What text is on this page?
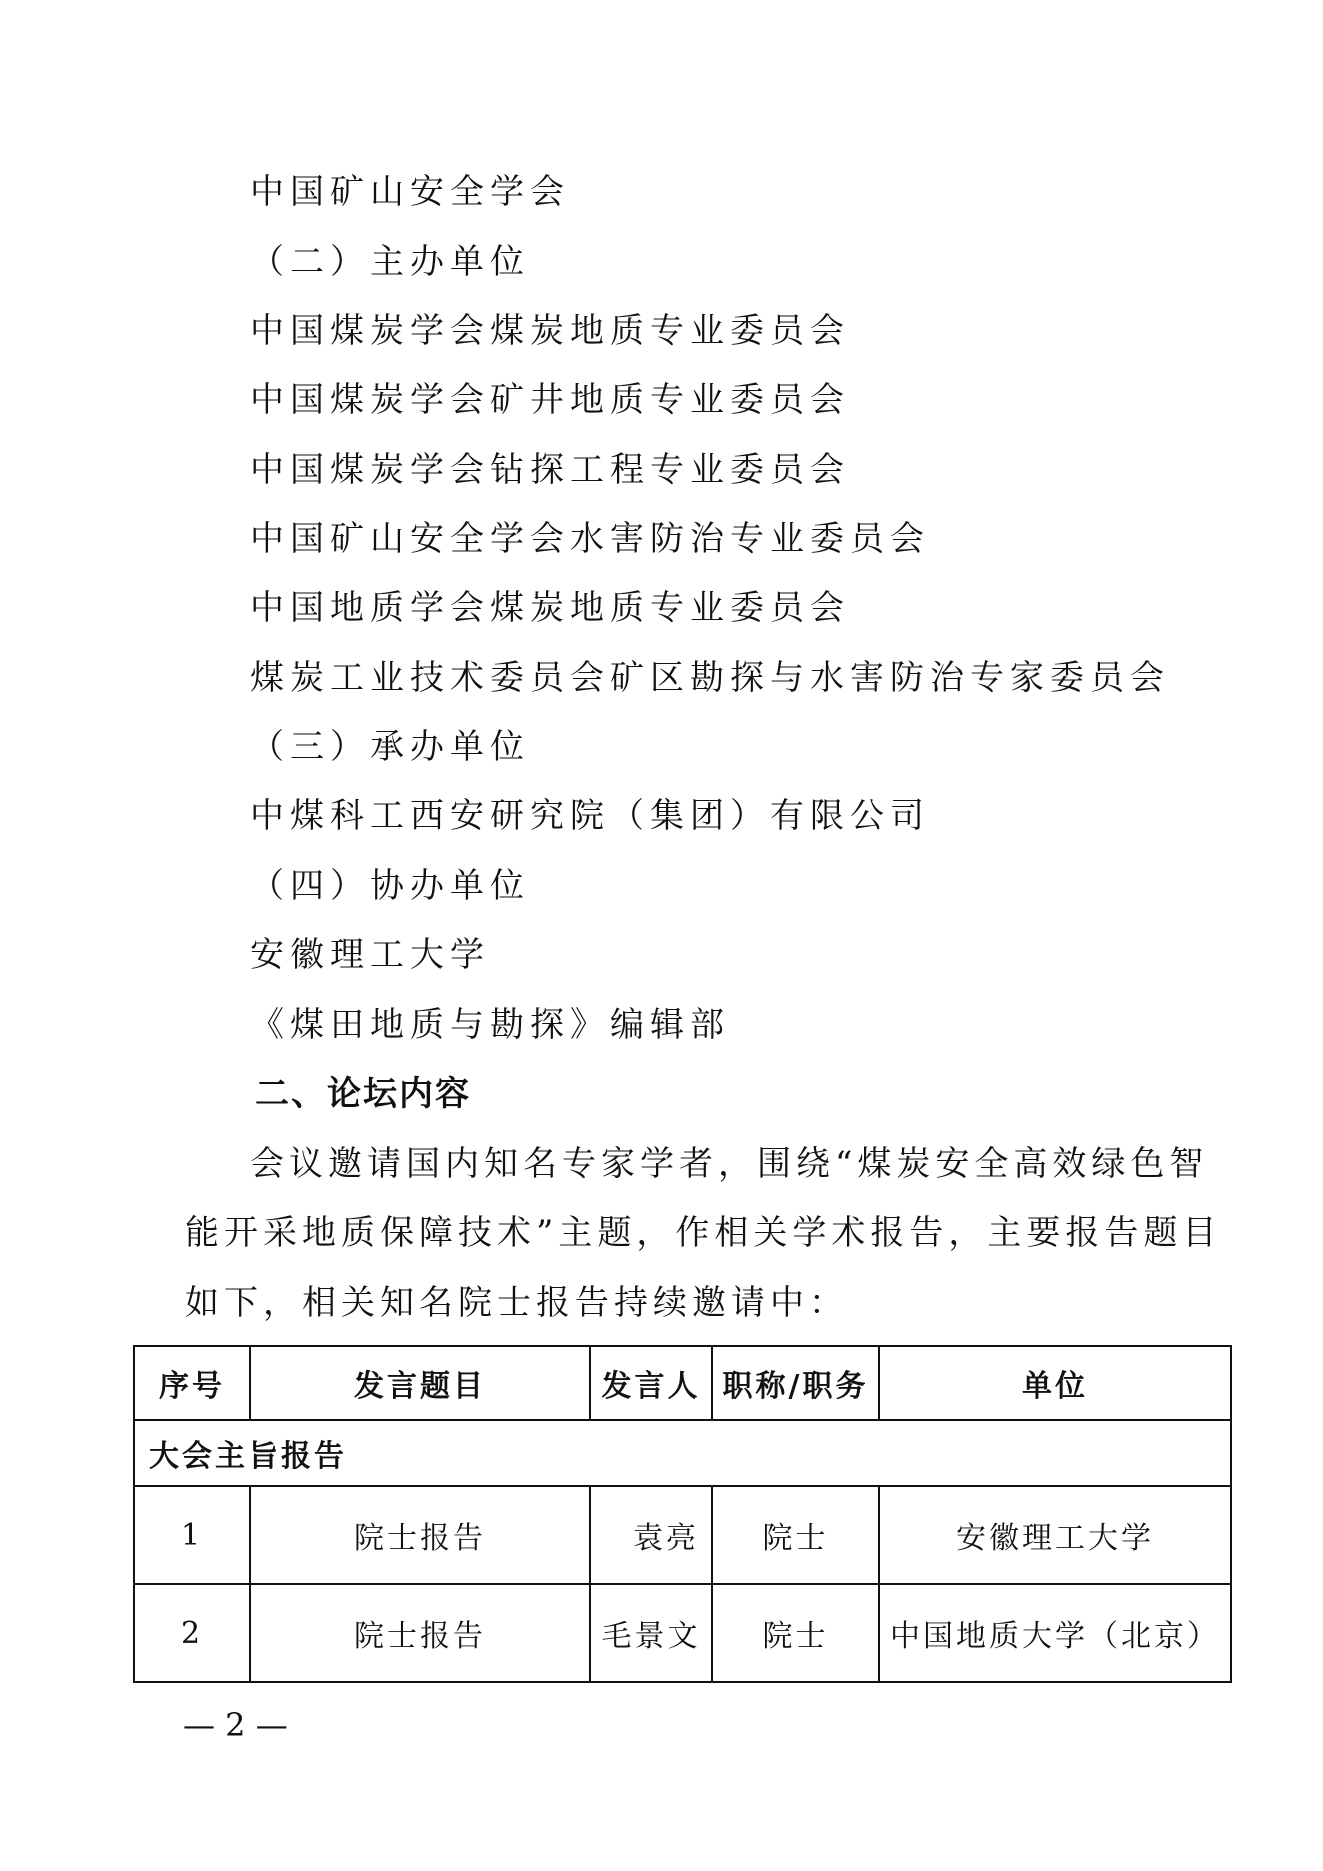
中国矿山安全学会
（二）主办单位
中国煤炭学会煤炭地质专业委员会
中国煤炭学会矿井地质专业委员会
中国煤炭学会钻探工程专业委员会
中国矿山安全学会水害防治专业委员会
中国地质学会煤炭地质专业委员会
煤炭工业技术委员会矿区勘探与水害防治专家委员会
（三）承办单位
中煤科工西安研究院（集团）有限公司
（四）协办单位
安徽理工大学
《煤田地质与勘探》编辑部
二、论坛内容
会议邀请国内知名专家学者，围绕“煤炭安全高效绿色智
能开采地质保障技术”主题，作相关学术报告，主要报告题目
如下，相关知名院士报告持续邀请中：
序号	发言题目	发言人	职称/职务	单位
大会主旨报告				
1	院士报告	袁亮	院士	安徽理工大学
2	院士报告	毛景文	院士	中国地质大学（北京）
— 2 —
